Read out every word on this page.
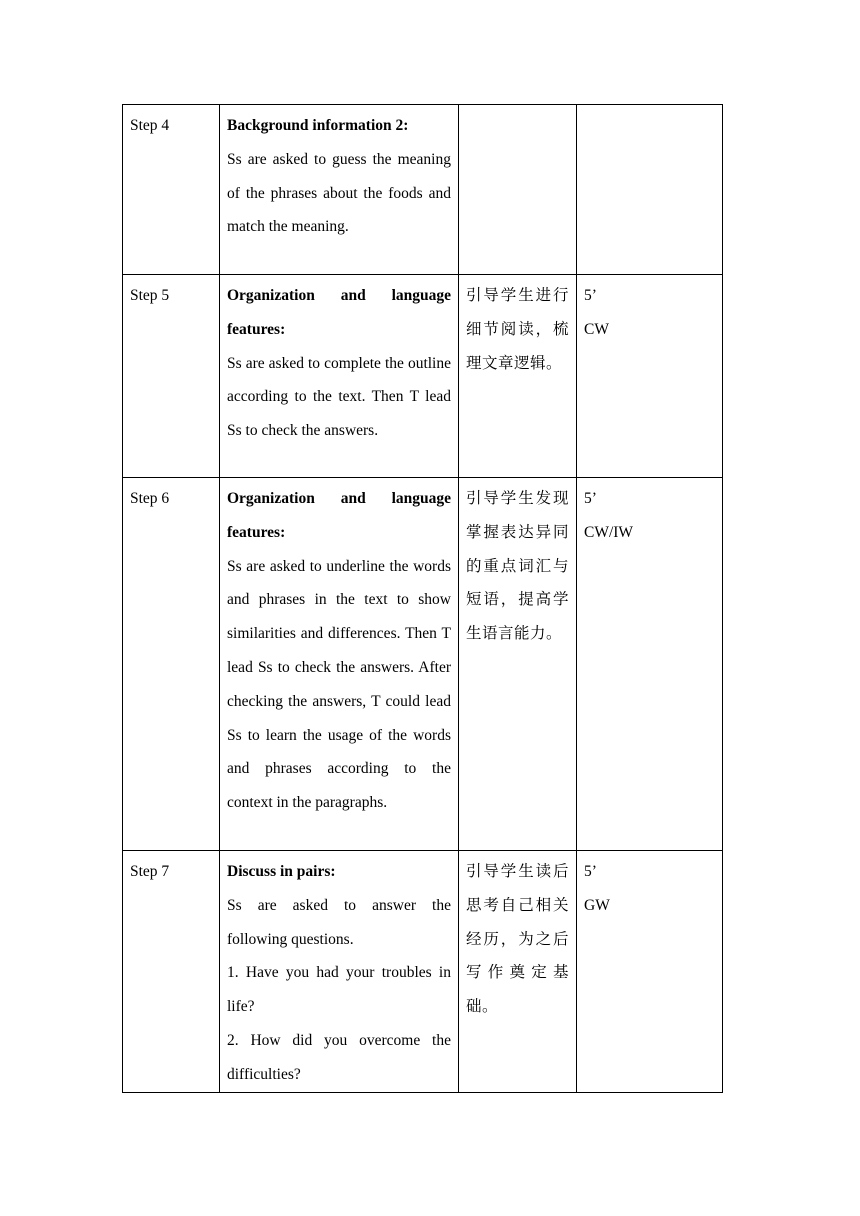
Step 4	Background information 2:
Ss are asked to guess the meaning of the phrases about the foods and match the meaning.		

Step 5	Organization and language features:
Ss are asked to complete the outline according to the text. Then T lead Ss to check the answers.	引导学生进行细节阅读，梳理文章逻辑。	5’
CW

Step 6	Organization and language features:
Ss are asked to underline the words and phrases in the text to show similarities and differences. Then T lead Ss to check the answers. After checking the answers, T could lead Ss to learn the usage of the words and phrases according to the context in the paragraphs.	引导学生发现掌握表达异同的重点词汇与短语，提高学生语言能力。	5’
CW/IW

Step 7	Discuss in pairs:
Ss are asked to answer the following questions.
1. Have you had your troubles in life?
2. How did you overcome the difficulties?	引导学生读后思考自己相关经历，为之后写作奠定基础。	5’
GW
